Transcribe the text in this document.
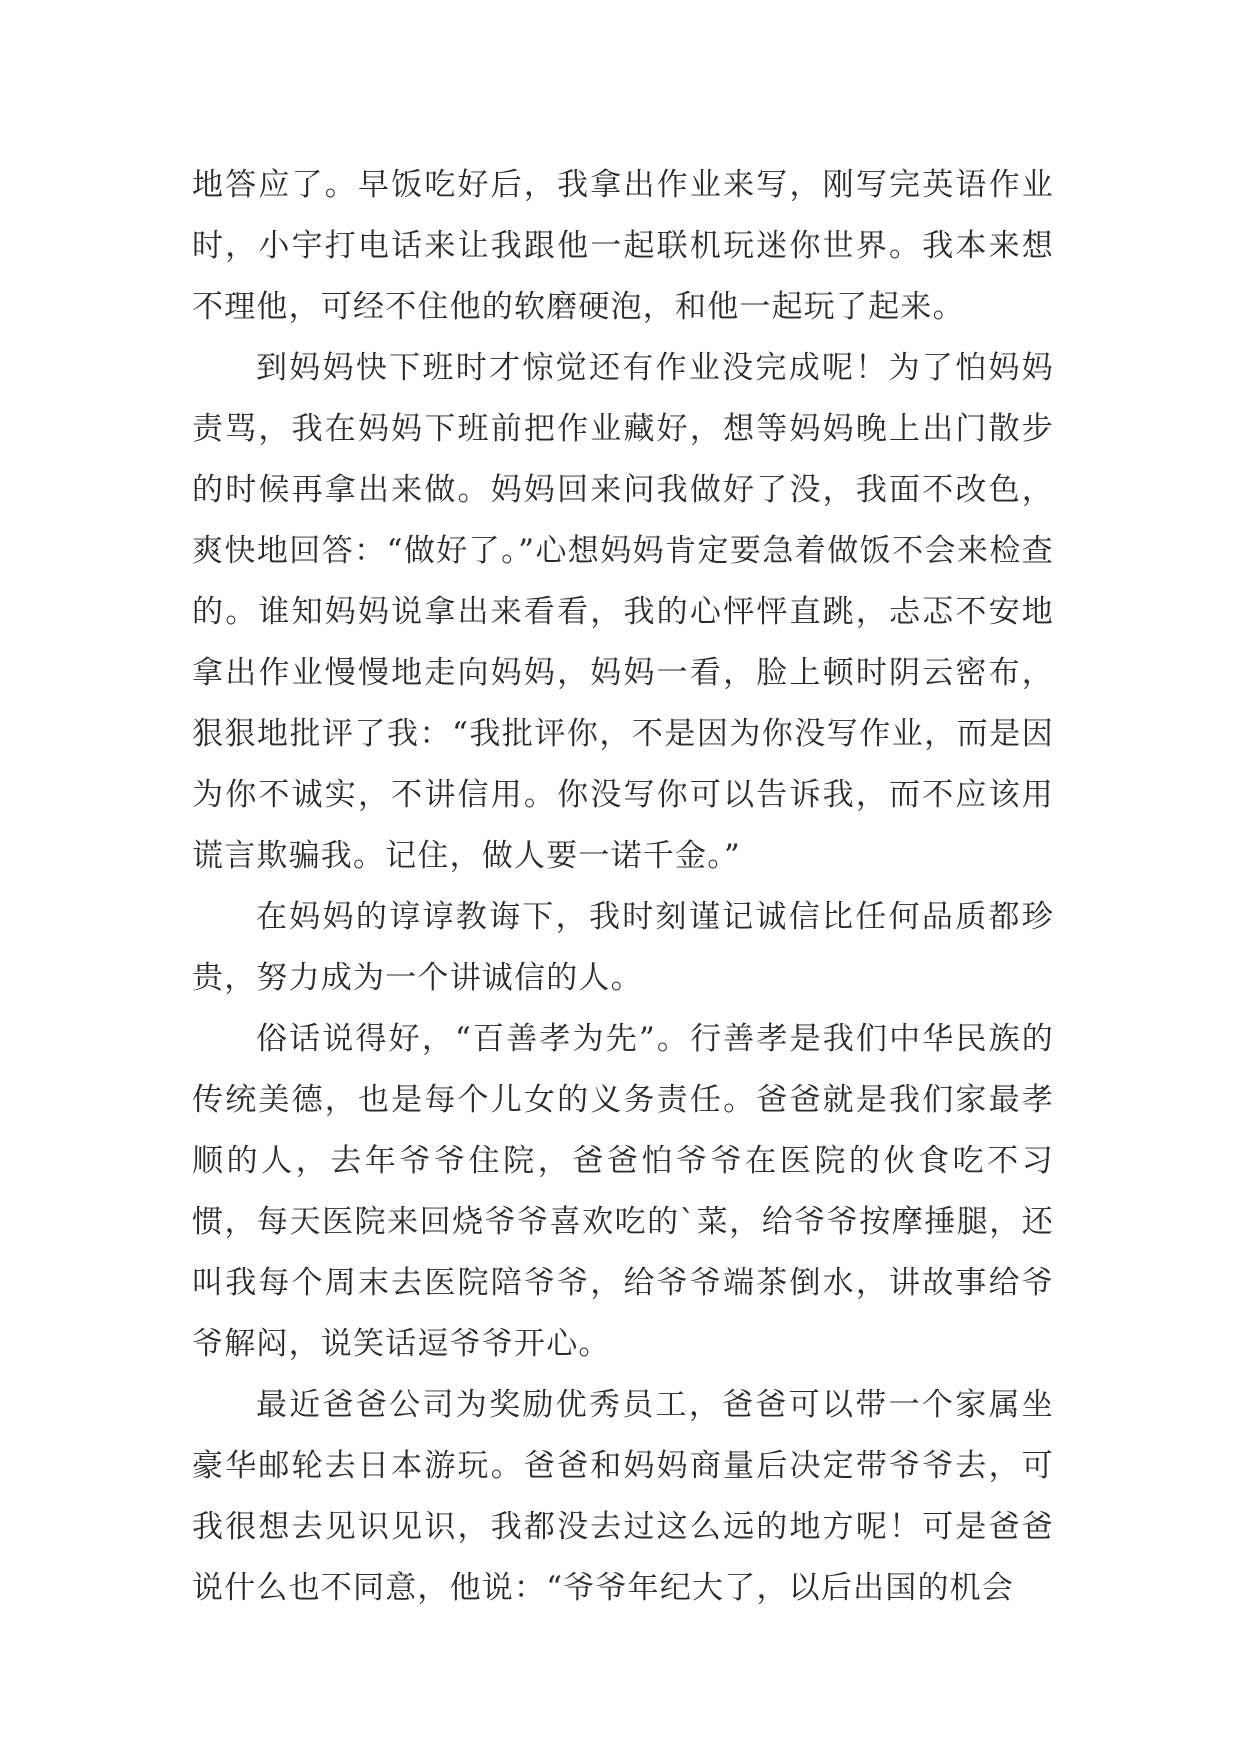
地答应了。早饭吃好后，我拿出作业来写，刚写完英语作业时，小宇打电话来让我跟他一起联机玩迷你世界。我本来想不理他，可经不住他的软磨硬泡，和他一起玩了起来。

到妈妈快下班时才惊觉还有作业没完成呢！为了怕妈妈责骂，我在妈妈下班前把作业藏好，想等妈妈晚上出门散步的时候再拿出来做。妈妈回来问我做好了没，我面不改色，爽快地回答：“做好了。”心想妈妈肯定要急着做饭不会来检查的。谁知妈妈说拿出来看看，我的心怦怦直跳，忐忑不安地拿出作业慢慢地走向妈妈，妈妈一看，脸上顿时阴云密布，狠狠地批评了我：“我批评你，不是因为你没写作业，而是因为你不诚实，不讲信用。你没写你可以告诉我，而不应该用谎言欺骗我。记住，做人要一诺千金。”

在妈妈的谆谆教诲下，我时刻谨记诚信比任何品质都珍贵，努力成为一个讲诚信的人。

俗话说得好，“百善孝为先”。行善孝是我们中华民族的传统美德，也是每个儿女的义务责任。爸爸就是我们家最孝顺的人，去年爷爷住院，爸爸怕爷爷在医院的伙食吃不习惯，每天医院来回烧爷爷喜欢吃的`菜，给爷爷按摩捶腿，还叫我每个周末去医院陪爷爷，给爷爷端茶倒水，讲故事给爷爷解闷，说笑话逗爷爷开心。

最近爸爸公司为奖励优秀员工，爸爸可以带一个家属坐豪华邮轮去日本游玩。爸爸和妈妈商量后决定带爷爷去，可我很想去见识见识，我都没去过这么远的地方呢！可是爸爸说什么也不同意，他说：“爷爷年纪大了，以后出国的机会
